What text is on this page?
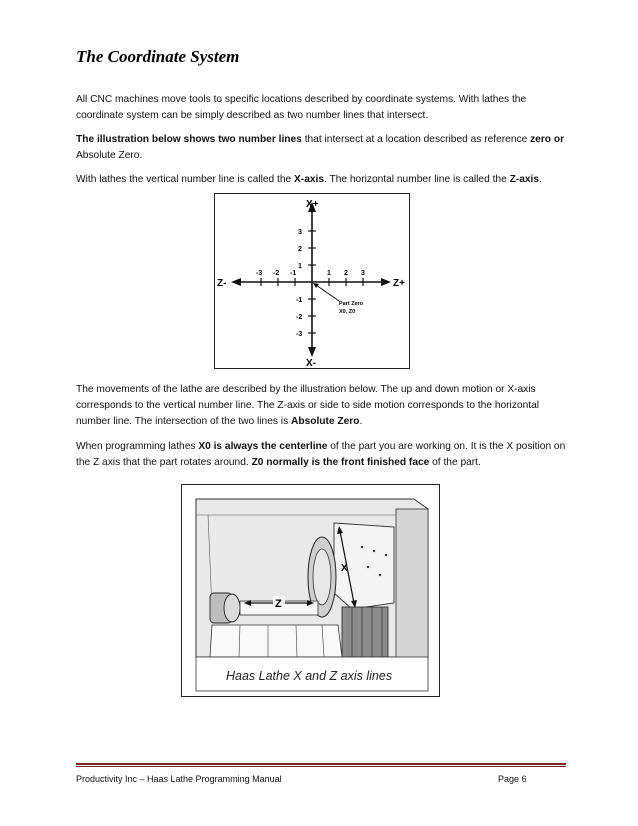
The Coordinate System

All CNC machines move tools to specific locations described by coordinate systems. With lathes the coordinate system can be simply described as two number lines that intersect.

The illustration below shows two number lines that intersect at a location described as reference zero or Absolute Zero.

With lathes the vertical number line is called the X-axis. The horizontal number line is called the Z-axis.

X+
X-
Z-	Z+
3
2
1
-1
-2
-3
-3 -2 -1	1 2 3
Part Zero
X0, Z0

The movements of the lathe are described by the illustration below. The up and down motion or X-axis corresponds to the vertical number line. The Z-axis or side to side motion corresponds to the horizontal number line. The intersection of the two lines is Absolute Zero.

When programming lathes X0 is always the centerline of the part you are working on. It is the X position on the Z axis that the part rotates around. Z0 normally is the front finished face of the part.

Z
X
Haas Lathe X and Z axis lines
Productivity Inc – Haas Lathe Programming Manual	Page 6
